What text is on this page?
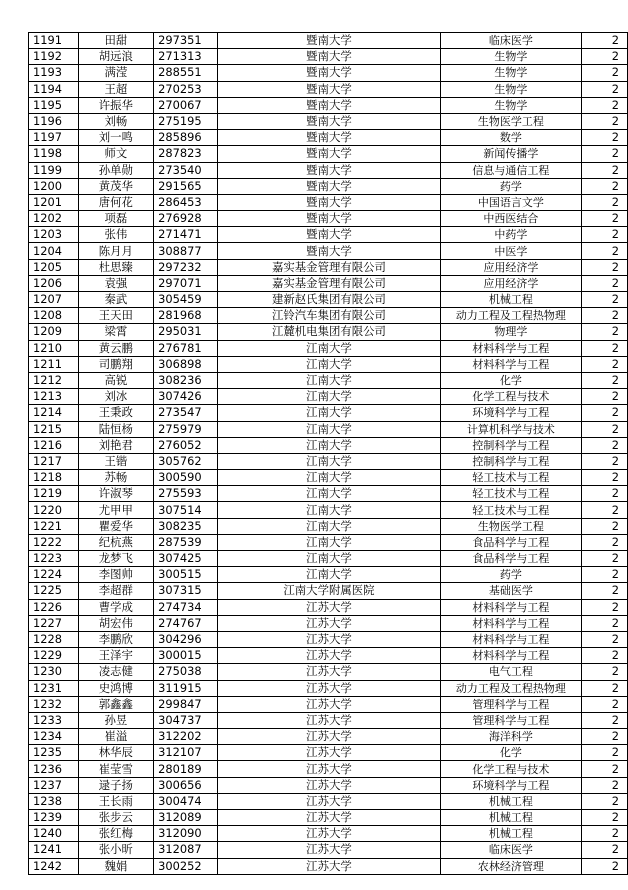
1191	田甜	297351	暨南大学	临床医学	2
1192	胡远浪	271313	暨南大学	生物学	2
1193	满滢	288551	暨南大学	生物学	2
1194	王超	270253	暨南大学	生物学	2
1195	许振华	270067	暨南大学	生物学	2
1196	刘畅	275195	暨南大学	生物医学工程	2
1197	刘一鸣	285896	暨南大学	数学	2
1198	师文	287823	暨南大学	新闻传播学	2
1199	孙单勋	273540	暨南大学	信息与通信工程	2
1200	黄茂华	291565	暨南大学	药学	2
1201	唐何花	286453	暨南大学	中国语言文学	2
1202	项磊	276928	暨南大学	中西医结合	2
1203	张伟	271471	暨南大学	中药学	2
1204	陈月月	308877	暨南大学	中医学	2
1205	杜思臻	297232	嘉实基金管理有限公司	应用经济学	2
1206	袁强	297071	嘉实基金管理有限公司	应用经济学	2
1207	秦武	305459	建新赵氏集团有限公司	机械工程	2
1208	王天田	281968	江铃汽车集团有限公司	动力工程及工程热物理	2
1209	梁霄	295031	江麓机电集团有限公司	物理学	2
1210	黄云鹏	276781	江南大学	材料科学与工程	2
1211	司鹏翔	306898	江南大学	材料科学与工程	2
1212	高锐	308236	江南大学	化学	2
1213	刘冰	307426	江南大学	化学工程与技术	2
1214	王秉政	273547	江南大学	环境科学与工程	2
1215	陆恒杨	275979	江南大学	计算机科学与技术	2
1216	刘艳君	276052	江南大学	控制科学与工程	2
1217	王锴	305762	江南大学	控制科学与工程	2
1218	苏畅	300590	江南大学	轻工技术与工程	2
1219	许淑琴	275593	江南大学	轻工技术与工程	2
1220	尤甲甲	307514	江南大学	轻工技术与工程	2
1221	瞿爱华	308235	江南大学	生物医学工程	2
1222	纪杭燕	287539	江南大学	食品科学与工程	2
1223	龙梦飞	307425	江南大学	食品科学与工程	2
1224	李图帅	300515	江南大学	药学	2
1225	李超群	307315	江南大学附属医院	基础医学	2
1226	曹学成	274734	江苏大学	材料科学与工程	2
1227	胡宏伟	274767	江苏大学	材料科学与工程	2
1228	李鹏欣	304296	江苏大学	材料科学与工程	2
1229	王泽宇	300015	江苏大学	材料科学与工程	2
1230	凌志健	275038	江苏大学	电气工程	2
1231	史鸿博	311915	江苏大学	动力工程及工程热物理	2
1232	郭鑫鑫	299847	江苏大学	管理科学与工程	2
1233	孙昱	304737	江苏大学	管理科学与工程	2
1234	崔溢	312202	江苏大学	海洋科学	2
1235	林华辰	312107	江苏大学	化学	2
1236	崔莹雪	280189	江苏大学	化学工程与技术	2
1237	逯子扬	300656	江苏大学	环境科学与工程	2
1238	王长雨	300474	江苏大学	机械工程	2
1239	张步云	312089	江苏大学	机械工程	2
1240	张红梅	312090	江苏大学	机械工程	2
1241	张小昕	312087	江苏大学	临床医学	2
1242	魏娟	300252	江苏大学	农林经济管理	2
